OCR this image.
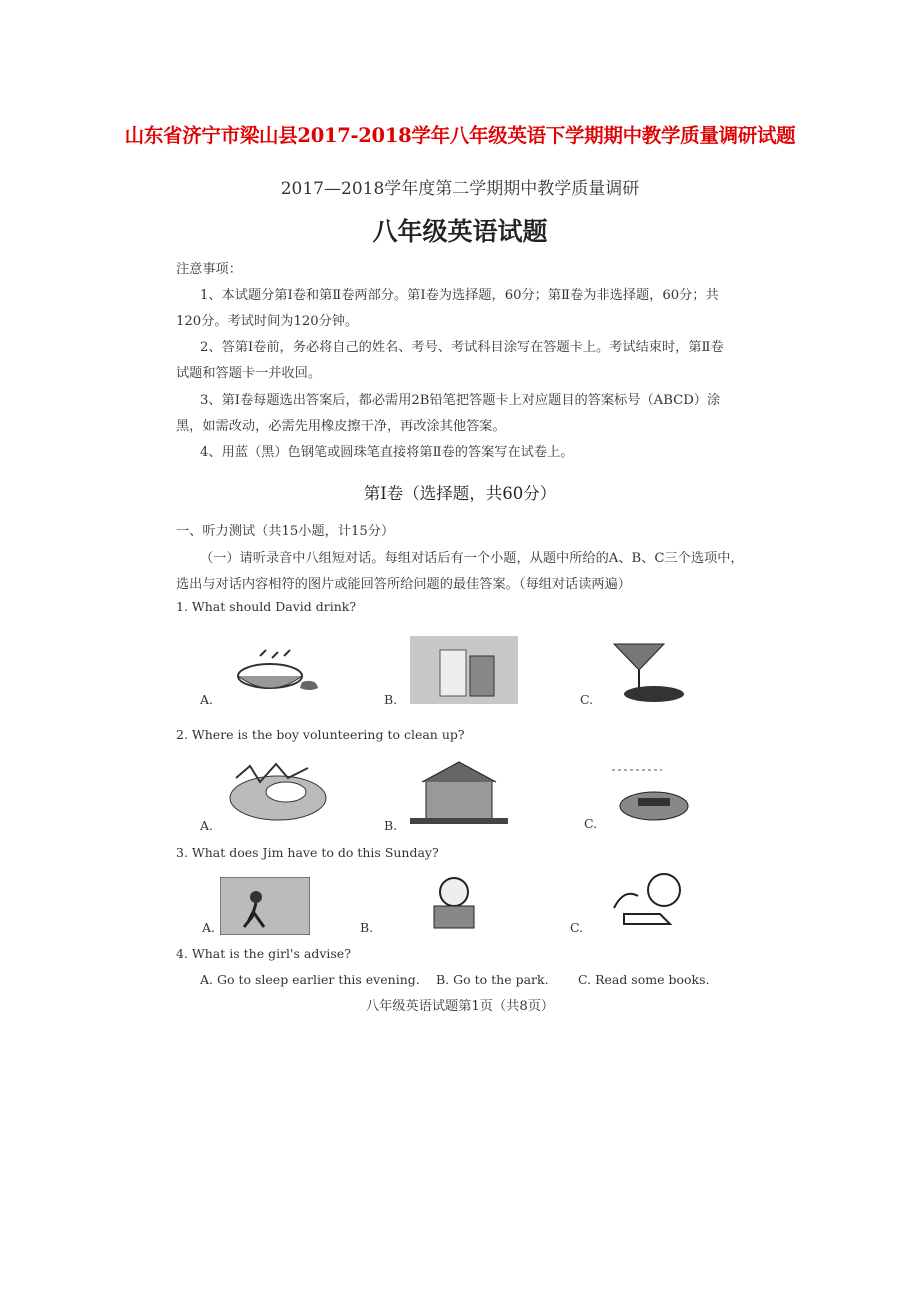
山东省济宁市梁山县2017-2018学年八年级英语下学期期中教学质量调研试题
2017—2018学年度第二学期期中教学质量调研
八年级英语试题
注意事项：
1、本试题分第Ⅰ卷和第Ⅱ卷两部分。第Ⅰ卷为选择题，60分；第Ⅱ卷为非选择题，60分；共
120分。考试时间为120分钟。
2、答第Ⅰ卷前，务必将自己的姓名、考号、考试科目涂写在答题卡上。考试结束时，第Ⅱ卷
试题和答题卡一并收回。
3、第Ⅰ卷每题选出答案后，都必需用2B铅笔把答题卡上对应题目的答案标号（ABCD）涂
黑，如需改动，必需先用橡皮擦干净，再改涂其他答案。
4、用蓝（黑）色钢笔或圆珠笔直接将第Ⅱ卷的答案写在试卷上。
第Ⅰ卷（选择题，共60分）
一、听力测试（共15小题，计15分）
（一）请听录音中八组短对话。每组对话后有一个小题，从题中所给的A、B、C三个选项中，
选出与对话内容相符的图片或能回答所给问题的最佳答案。（每组对话读两遍）
1. What should David drink?
A.	B.	C.
2. Where is the boy volunteering to clean up?
A.	B.	C.
3. What does Jim have to do this Sunday?
A.	B.	C.
4. What is the girl's advise?
A. Go to sleep earlier this evening. B. Go to the park. C. Read some books.
八年级英语试题第1页（共8页）
